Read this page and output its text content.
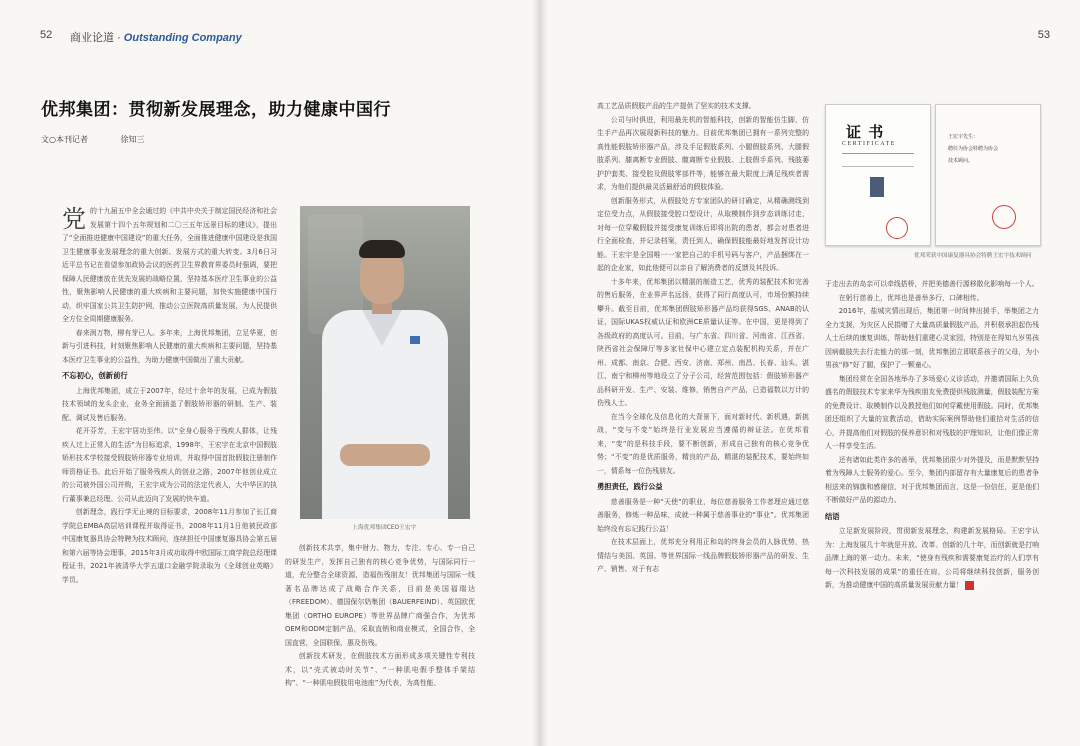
52 商业论道 · Outstanding Company
优邦集团：贯彻新发展理念，助力健康中国行
文○本刊记者	徐知三

党的十九届五中全会通过的《中共中央关于制定国民经济和社会发展第十四个五年规划和二〇三五年远景目标的建议》，提出了“全面推进健康中国建设”的重大任务，全面推进健康中国建设是我国卫生健康事业发展理念的重大创新、发展方式的重大转变。3月6日习近平总书记在看望参加政协会议的医药卫生界教育界委员时强调，要把保障人民健康放在优先发展的战略位置，坚持基本医疗卫生事业的公益性，聚焦影响人民健康的重大疾病和主要问题，加快实施健康中国行动，织牢国家公共卫生防护网，推动公立医院高质量发展，为人民提供全方位全周期健康服务。

春来润万物，柳有芽已人。多年来，上海优邦集团，立足华夏，创新与引进科技，时刻聚焦影响人民健康的重大疾病和主要问题，坚持基本医疗卫生事业的公益性，为助力健康中国做出了重大贡献。

不忘初心，创新前行

上海优邦集团，成立于2007年，经过十余年的发展，已成为假肢技术领域的龙头企业，业务全面涵盖了假肢矫形器的研制、生产、装配、调试及售后服务。

花开芬芳，王宏宇居功至伟。以“全身心服务于残疾人群体，让残疾人过上正常人的生活”为目标追求，1998年，王宏宇在北京中国假肢矫形技术学校接受假肢矫形器专业培训，并取得中国首批假肢注册制作师资格证书。此后开始了服务残疾人的创业之路，2007年他创业成立的公司被外国公司并购，王宏宇成为公司的法定代表人，大中华区的执行董事兼总经理。公司从此迈向了发展的快车道。

创新理念，践行学无止境的目标要求，2008年11月参加了长江商学院总EMBA高层培训课程并取得证书，2008年11月1日他被民政部中国康复器具协会特聘为技术顾问，连续担任中国康复器具协会第五届和第六届等协会理事，2015年3月成功取得中欧国际工商学院总经理课程证书，2021年被清华大学五道口金融学院录取为《全球创业英略》学员。

上海优邦集团CEO王宏宇

创新技术共享，集中财力、物力，专注、专心、专一自己的研发生产，发挥自己独有的核心竞争优势，与国际同行一道，充分整合全球资源，造福伤残朋友！优邦集团与国际一线著名品牌达成了战略合作关系，目前是美国福瑞达（FREEDOM）、德国保尔奶集团（BAUERFEIND）、英国欧优集团（ORTHO EUROPE）等世界品牌广商强合作，为优邦OEM和ODM定制产品，采取直销和商业模式，全国合作，全国直营，全国联保、惠及伤残。

创新技术研发，在假肢技术方面形成多项关键性专利技术，以“壳式被动时关节”、“一种肌电假手整体手架结构”、“一种肌电假肢用电池座”为代表，为高性能、

53

高工艺品质假肢产品的生产提供了坚实的技术支撑。

公司与时俱进，利用最先机的智能科技，创新的智能仿生脚，仿生手产品再次展现新科技的魅力。目前优邦集团已拥有一系列完整的高性能假肢矫形器产品，涉及手足假肢系列、小腿假肢系列、大腿假肢系列、膝离断专业假肢、髋离断专业假肢、上肢假手系列、残肢萎护护套类、接受腔及假肢零部件等，能够在最大限度上满足残疾者需求，为他们提供最灵活最舒适的假肢体验。

创新服务形式，从假肢处方专家团队的研讨确定，从精确测线到定位受力点，从假肢接受腔口型设计，从取模制作到步态训练讨走，对每一位穿戴假肢并接受康复训练后即将出院的患者，都会对患者进行全面检查，并记录档案，责任到人，确保假肢能最好地发挥设计功能。王宏宇是全国唯一一家把自己的手机号码与客户，产品捆绑在一起的企业家，如此他便可以亲自了解消费者的反馈及其投诉。

十多年来，优邦集团以精湛的制造工艺，优秀的装配技术和完善的售后服务，在业界声名远扬，获得了同行高度认可，市场份额持续攀升。截至目前，优邦集团假肢矫形器产品均获得SGS、ANAB的认证，国际UKAS权威认证和欧洲CE质量认证等。在中国，更是得到了各级政府的高度认可。目前，与广东省、四川省、河南省、江西省、陕西省社会保障厅等多家社保中心建立定点装配机构关系，并在广州、成都、南京、合肥、西安、济南、郑州、南昌、长春、汕头、湛江、南宁和柳州等地设立了分子公司，经营范围包括：假肢矫形器产品科研开发、生产、安装、维修，销售自产产品，已造福数以万计的伤残人士。

在当今全球化及信息化的大背景下，面对新时代、新机遇，新挑战，“变与不变”始终是行业发展应当遵循的辩证法。在优邦看来，“变”的是科技手段，要不断创新，形成自己独有的核心竞争优势；“不变”的是优质服务，精良的产品，精湛的装配技术，要始终如一，情系每一位伤残朋友。

勇担责任，践行公益

慈善服务是一种“天使”的职业，每位慈善服务工作者理应通过慈善服务，修炼一种品味，成就一种属于慈善事业的“事业”。优邦集团始终没有忘记践行公益！

在技术层面上，优邦充分利用正和岛的终身会员的人脉优势，热情结与美国、英国、等世界国际一线品牌假肢矫形器产品的研发、生产、销售、对于有志

证 书
CERTIFICATE
王宏宇先生：
聘任为协会特聘为协会
技术顾问。
优邦荣获中国康复器具协会特聘王宏宇技术顾问

于走出去的岛亲可以牵线搭桥，并把美德善行源移散化影响每一个人。

在躬行慈善上，优邦也是善举多行，口碑相传。

2016年，盐城灾情出现后，集团第一时间伸出援手，举集团之力全力支援，为灾区人民捐赠了大量高质量假肢产品，并积极承担起伤残人士后续的康复训练，帮助他们重建心灵家园，特别是在得知九岁男孩因病截肢失去行走能力的那一刻，优邦集团立即联系孩子的父母，为小男孩“修”好了腿，保护了一颗童心。

集团经常在全国各地举办了多场爱心义诊活动，并邀请国际上久负盛名的假肢技术专家来华为残疾朋友免费提供残肢测量，假肢装配方案的免费设计、取模制作以及教授他们如何穿戴使用假肢。同时，优邦集团还组织了大量的宣教活动，借助实际案例帮助他们重拾对生活的信心，并提高他们对假肢的保养意识和对残肢的护理知识，让他们像正常人一样享受生活。

还有诸如此类许多的善举，优邦集团很少对外提及，而是默默坚持着为残障人士服务的爱心。至今，集团内部留存有大量康复后的患者争相送来的锦旗和感谢信，对于优邦集团而言，这是一份信任，更是他们不断做好产品的源动力。

结语

立足新发展阶段，贯彻新发展理念，构建新发展格局。王宏宇认为：上海发展几十年就是开放、改革、创新的几十年，而创新就是打响品牌上海的第一动力。未来，“使身有残疾和需要康复治疗的人们享有每一次科技发展的成果”的重任在肩，公司将继续科技创新，服务创新，为推动健康中国的高质量发展贡献力量！	㊄
